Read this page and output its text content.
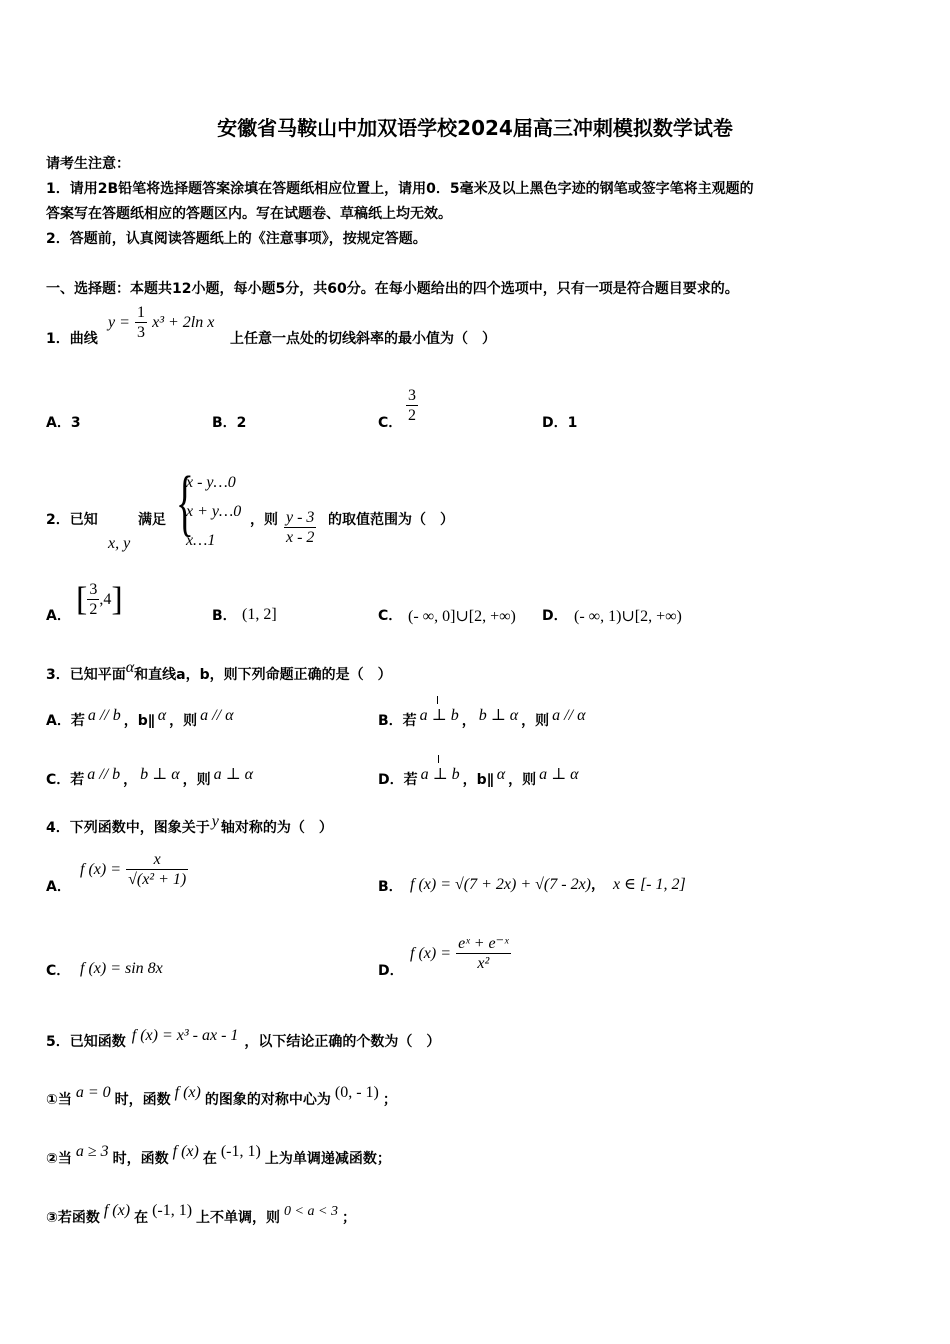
安徽省马鞍山中加双语学校2024届高三冲刺模拟数学试卷
请考生注意：
1．请用2B铅笔将选择题答案涂填在答题纸相应位置上，请用0．5毫米及以上黑色字迹的钢笔或签字笔将主观题的
答案写在答题纸相应的答题区内。写在试题卷、草稿纸上均无效。
2．答题前，认真阅读答题纸上的《注意事项》，按规定答题。
一、选择题：本题共12小题，每小题5分，共60分。在每小题给出的四个选项中，只有一项是符合题目要求的。
1．曲线
$y = \frac{1}{3} x^3 + 2\ln$ x
上任意一点处的切线斜率的最小值为（　）
A．3	B．2	C． $\frac{3}{2}$	D．1
2．已知	满足
x, y {
x - y…0
x + y…0
x…1
，则 $\frac{y - 3}{x - 2}$ 的取值范围为（　）
A． [ $\frac{3}{2} ,4$]	B． (1, 2]	C． (- ∞, 0]∪[2, +∞) D． (- ∞, 1)∪[2, +∞)
3．已知平面α和直线a，b，则下列命题正确的是（　）
A．若 a // b ，b∥ α ，则 a // α	B．若 a ⊥ b ， b ⊥ α ，则 a // α
C．若 a // b ， b ⊥ α ，则 a ⊥ α	D．若 a ⊥ b ，b∥ α ，则 a ⊥ α
4．下列函数中，图象关于 y 轴对称的为（　）
A．
f $(x) = \frac{x}{\text{√(x² + 1)}}$	B． f (x) = √(7 + 2x) + √(7 - 2x)， x ∈ [- 1, 2]
C． f (x) = sin 8x	D．
f $(x) = \frac{\text{eˣ + e⁻ˣ}}{\text{x²}}$
5．已知函数 f (x) = x³ - ax - 1 ，以下结论正确的个数为（　）
①当 a = 0 时，函数 f (x) 的图象的对称中心为 (0, - 1) ；
②当 a ≥ 3 时，函数 f (x) 在 (-1, 1) 上为单调递减函数；
③若函数 f (x) 在 (-1, 1) 上不单调，则 0 < a < 3 ；
